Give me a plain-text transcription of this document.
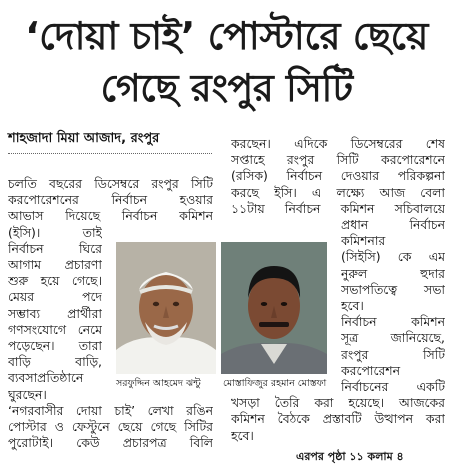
‘দোয়া চাই’ পোস্টারে ছেয়ে
গেছে রংপুর সিটি
শাহজাদা মিয়া আজাদ, রংপুর

চলতি বছরের ডিসেম্বরে রংপুর সিটি

করপোরেশনের নির্বাচন হওয়ার

আভাস দিয়েছে নির্বাচন কমিশন

(ইসি)। তাই

নির্বাচন ঘিরে

আগাম প্রচারণা

শুরু হয়ে গেছে।

মেয়র পদে

সম্ভাব্য প্রার্থীরা

গণসংযোগে নেমে

পড়েছেন। তারা

বাড়ি বাড়ি,

ব্যবসাপ্রতিষ্ঠানে

ঘুরছেন।

‘নগরবাসীর দোয়া চাই’ লেখা রঙিন

পোস্টার ও ফেস্টুনে ছেয়ে গেছে সিটির

পুরোটাই। কেউ প্রচারপত্র বিলি

করছেন। এদিকে ডিসেম্বরের শেষ

সপ্তাহে রংপুর সিটি করপোরেশনে

(রসিক) নির্বাচন দেওয়ার পরিকল্পনা

করছে ইসি। এ লক্ষ্যে আজ বেলা

১১টায় নির্বাচন কমিশন সচিবালয়ে

প্রধান নির্বাচন

কমিশনার

(সিইসি) কে এম

নুরুল হুদার

সভাপতিত্বে সভা

হবে।

নির্বাচন কমিশন

সূত্র জানিয়েছে,

রংপুর সিটি

করপোরেশন

নির্বাচনের একটি

খসড়া তৈরি করা হয়েছে। আজকের

কমিশন বৈঠকে প্রস্তাবটি উত্থাপন করা

হবে।

সরফুদ্দিন আহমেদ ঝন্টু মোস্তাফিজুর রহমান মোস্তফা
এরপর পৃষ্ঠা ১১ কলাম ৪
